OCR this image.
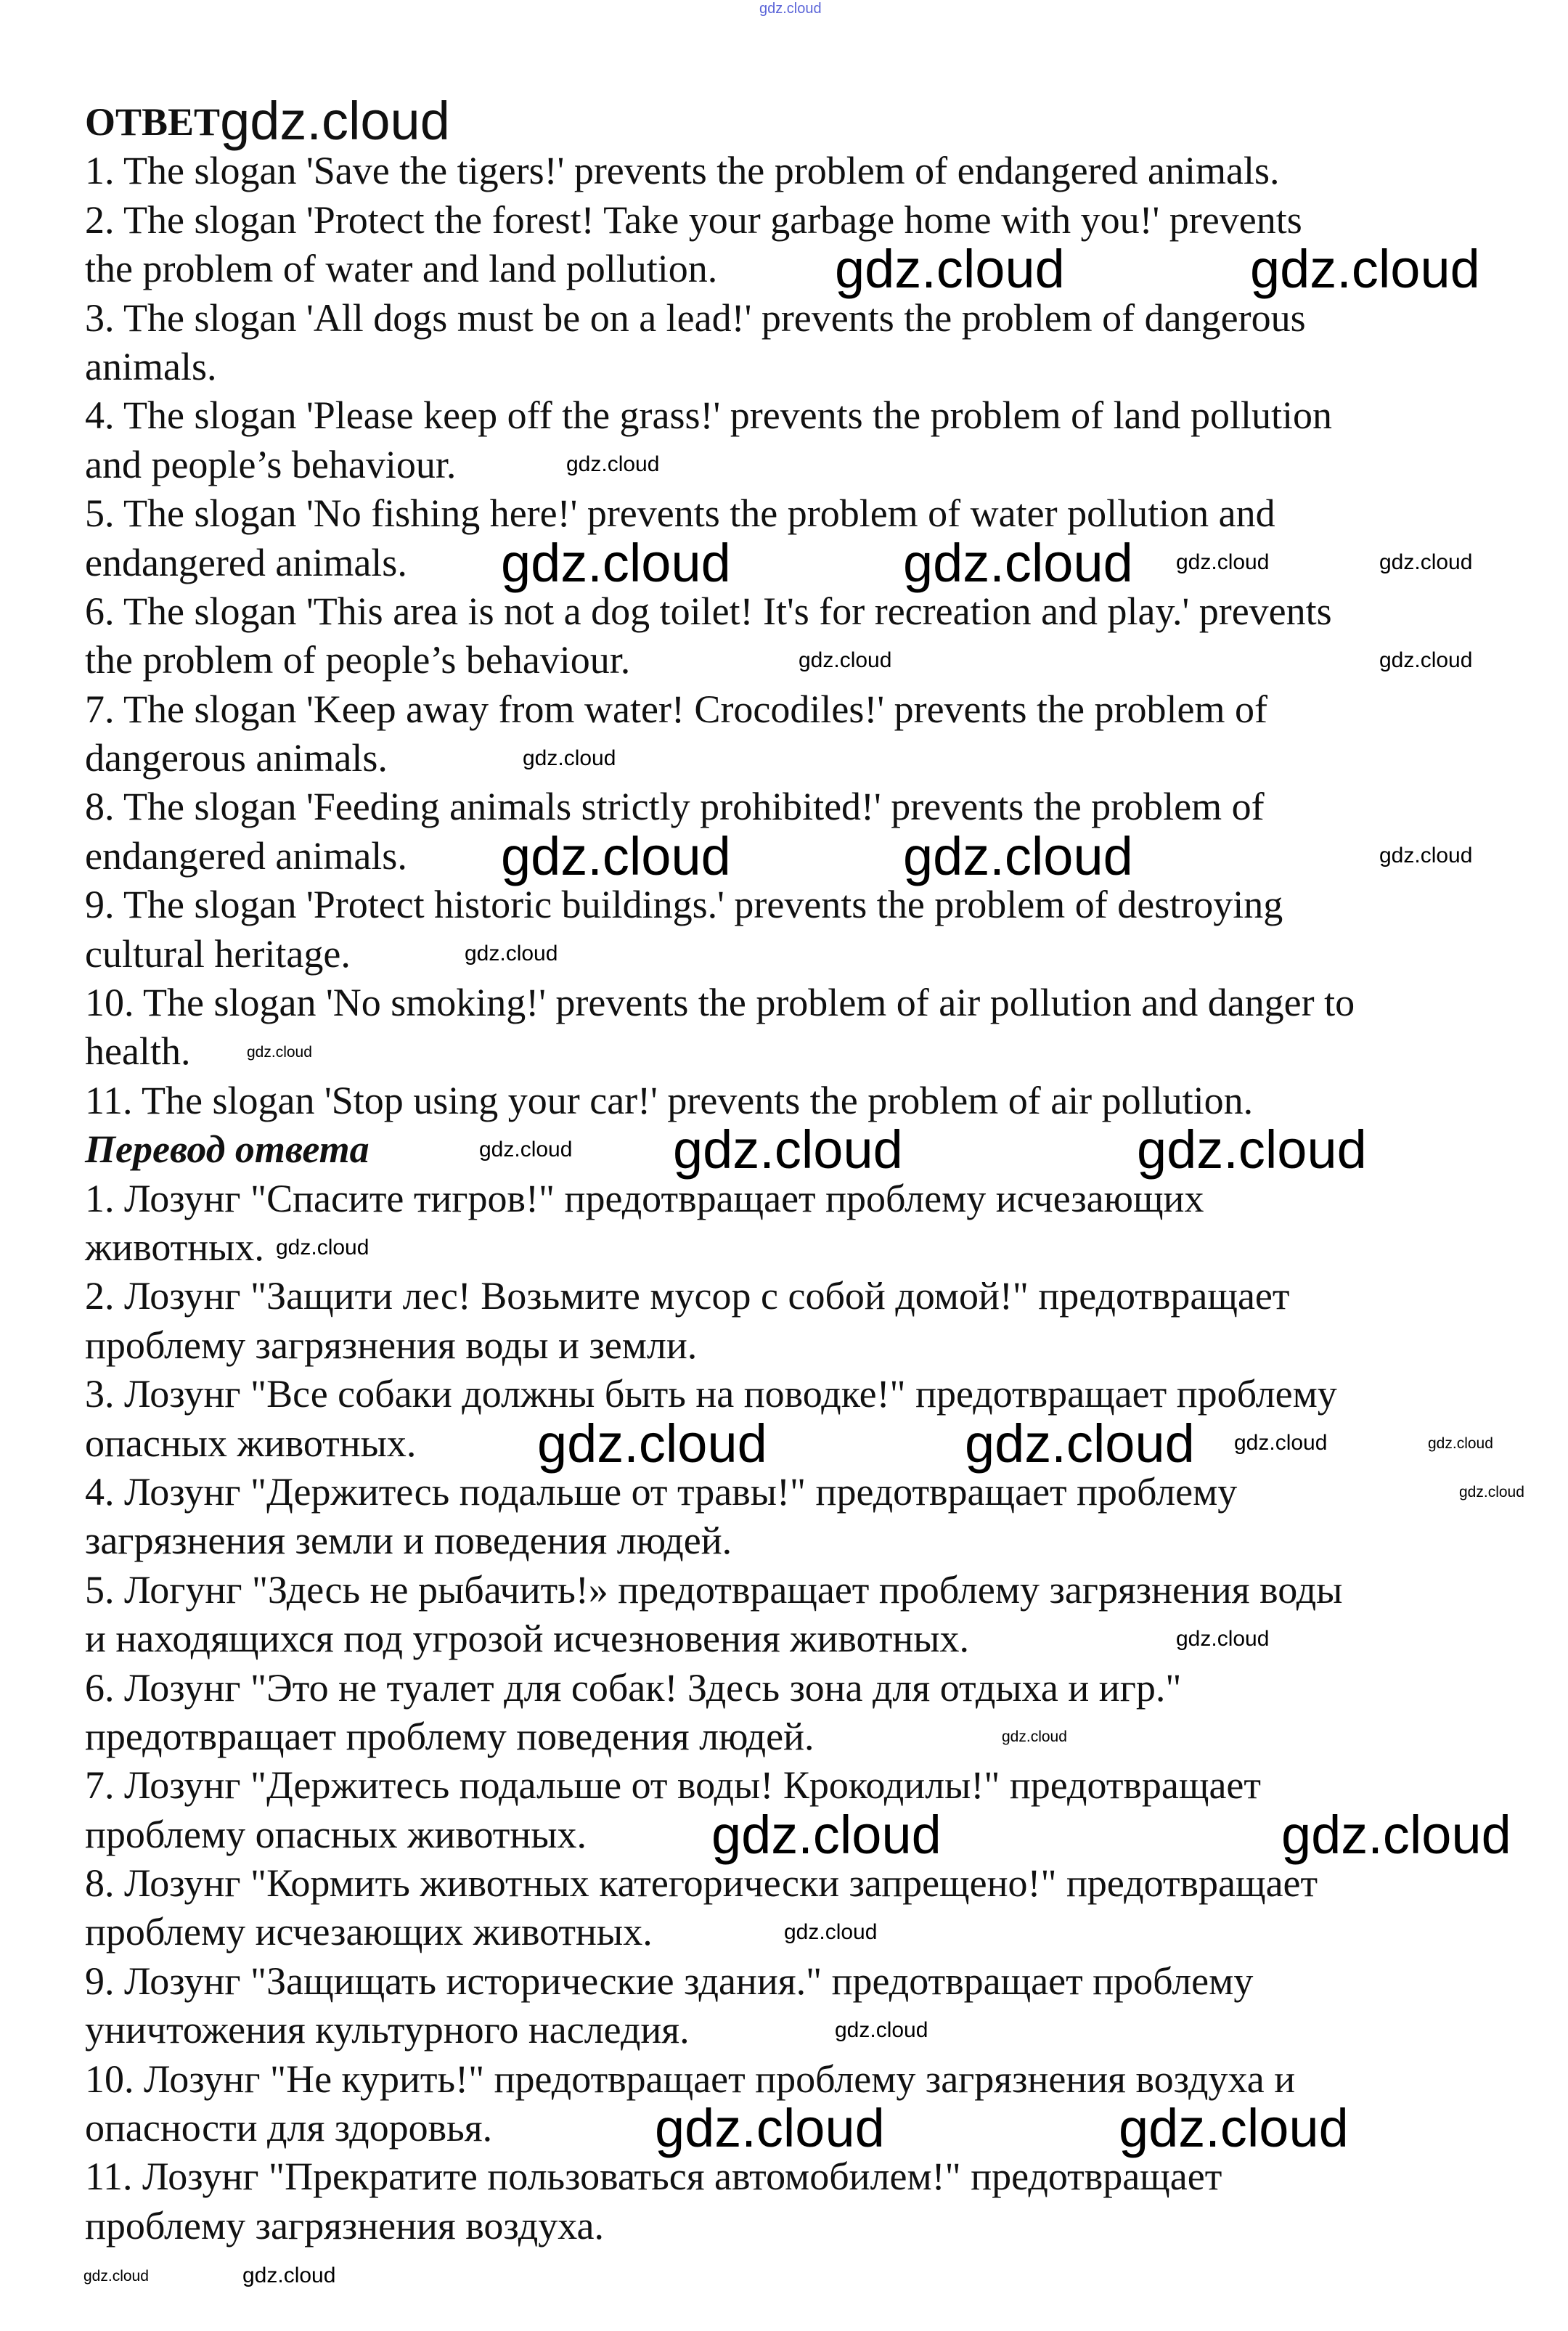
ОТВЕТgdz.cloud
1. The slogan 'Save the tigers!' prevents the problem of endangered animals.
2. The slogan 'Protect the forest! Take your garbage home with you!' prevents
the problem of water and land pollution.
3. The slogan 'All dogs must be on a lead!' prevents the problem of dangerous
animals.
4. The slogan 'Please keep off the grass!' prevents the problem of land pollution
and people’s behaviour.
5. The slogan 'No fishing here!' prevents the problem of water pollution and
endangered animals.
6. The slogan 'This area is not a dog toilet! It's for recreation and play.' prevents
the problem of people’s behaviour.
7. The slogan 'Keep away from water! Crocodiles!' prevents the problem of
dangerous animals.
8. The slogan 'Feeding animals strictly prohibited!' prevents the problem of
endangered animals.
9. The slogan 'Protect historic buildings.' prevents the problem of destroying
cultural heritage.
10. The slogan 'No smoking!' prevents the problem of air pollution and danger to
health.
11. The slogan 'Stop using your car!' prevents the problem of air pollution.
Перевод ответа
1. Лозунг "Спасите тигров!" предотвращает проблему исчезающих
животных.
2. Лозунг "Защити лес! Возьмите мусор с собой домой!" предотвращает
проблему загрязнения воды и земли.
3. Лозунг "Все собаки должны быть на поводке!" предотвращает проблему
опасных животных.
4. Лозунг "Держитесь подальше от травы!" предотвращает проблему
загрязнения земли и поведения людей.
5. Логунг "Здесь не рыбачить!» предотвращает проблему загрязнения воды
и находящихся под угрозой исчезновения животных.
6. Лозунг "Это не туалет для собак! Здесь зона для отдыха и игр."
предотвращает проблему поведения людей.
7. Лозунг "Держитесь подальше от воды! Крокодилы!" предотвращает
проблему опасных животных.
8. Лозунг "Кормить животных категорически запрещено!" предотвращает
проблему исчезающих животных.
9. Лозунг "Защищать исторические здания." предотвращает проблему
уничтожения культурного наследия.
10. Лозунг "Не курить!" предотвращает проблему загрязнения воздуха и
опасности для здоровья.
11. Лозунг "Прекратите пользоваться автомобилем!" предотвращает
проблему загрязнения воздуха.
gdz.cloud
gdz.cloud	gdz.cloud
gdz.cloud
gdz.cloud	gdz.cloud gdz.cloud	gdz.cloud
gdz.cloud	gdz.cloud
gdz.cloud
gdz.cloud	gdz.cloud	gdz.cloud
gdz.cloud
gdz.cloud
gdz.cloud gdz.cloud	gdz.cloud
gdz.cloud
gdz.cloud	gdz.cloud gdz.cloud	gdz.cloud
gdz.cloud
gdz.cloud
gdz.cloud
gdz.cloud	gdz.cloud
gdz.cloud
gdz.cloud
gdz.cloud	gdz.cloud
gdz.cloud	gdz.cloud
